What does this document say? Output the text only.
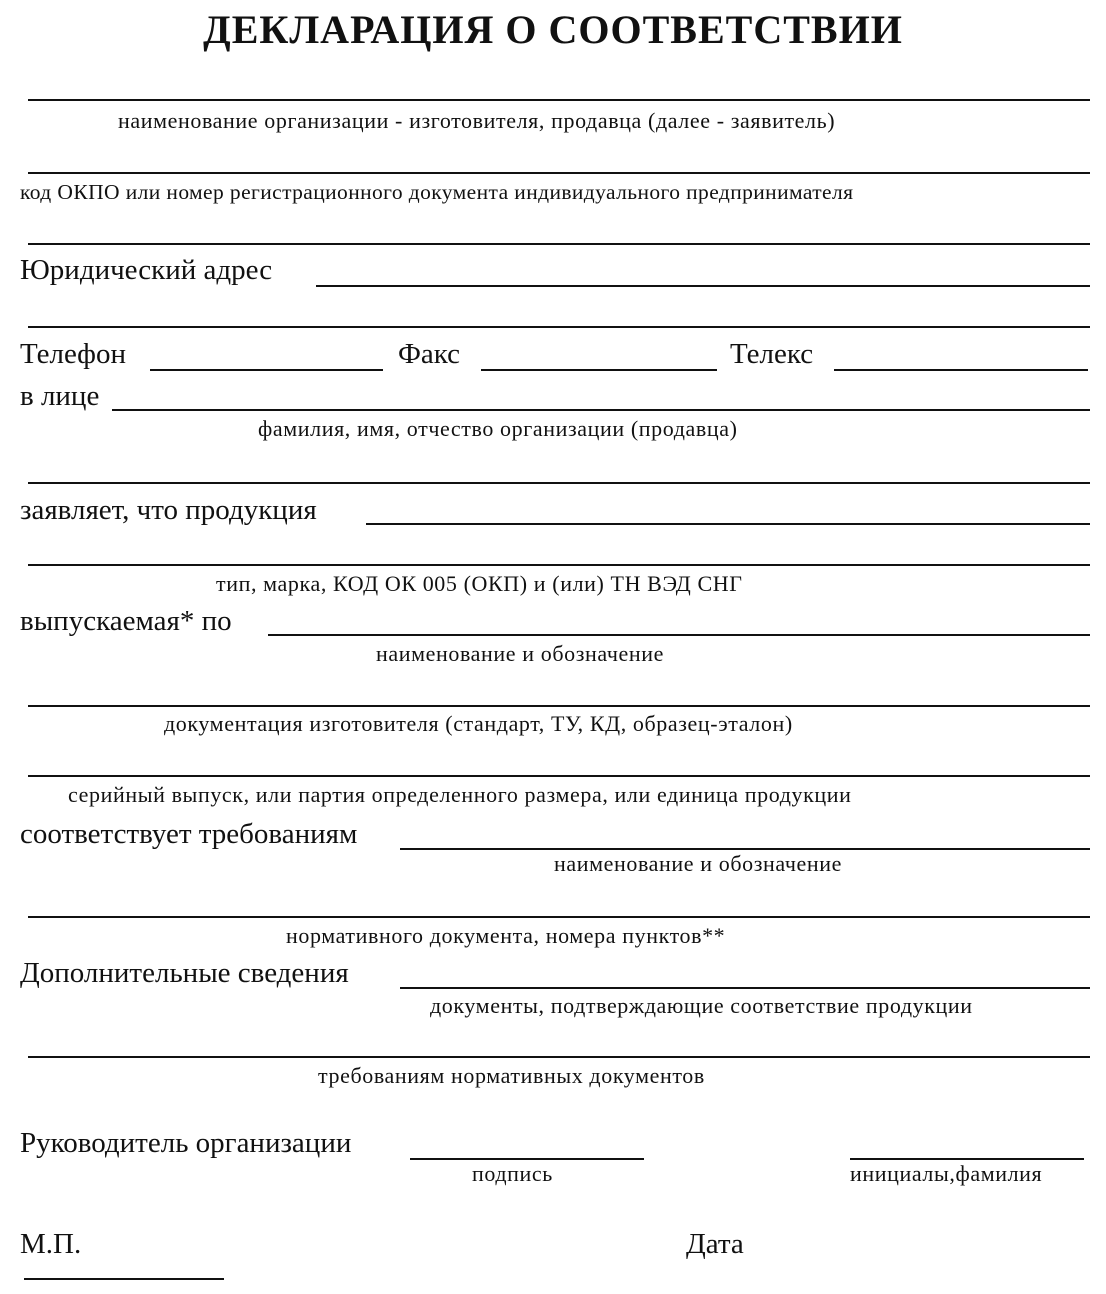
ДЕКЛАРАЦИЯ О СООТВЕТСТВИИ
наименование организации - изготовителя, продавца (далее - заявитель)
код ОКПО или номер регистрационного документа индивидуального предпринимателя
Юридический адрес
Телефон	Факс	Телекс
в лице
фамилия, имя, отчество организации (продавца)
заявляет, что продукция
тип, марка, КОД ОК 005 (ОКП) и (или) ТН ВЭД СНГ
выпускаемая* по
наименование и обозначение
документация изготовителя (стандарт, ТУ, КД, образец-эталон)
серийный выпуск, или партия определенного размера, или единица продукции
соответствует требованиям
наименование и обозначение
нормативного документа, номера пунктов**
Дополнительные сведения
документы, подтверждающие соответствие продукции
требованиям нормативных документов
Руководитель организации
подпись	инициалы,фамилия
М.П.	Дата
